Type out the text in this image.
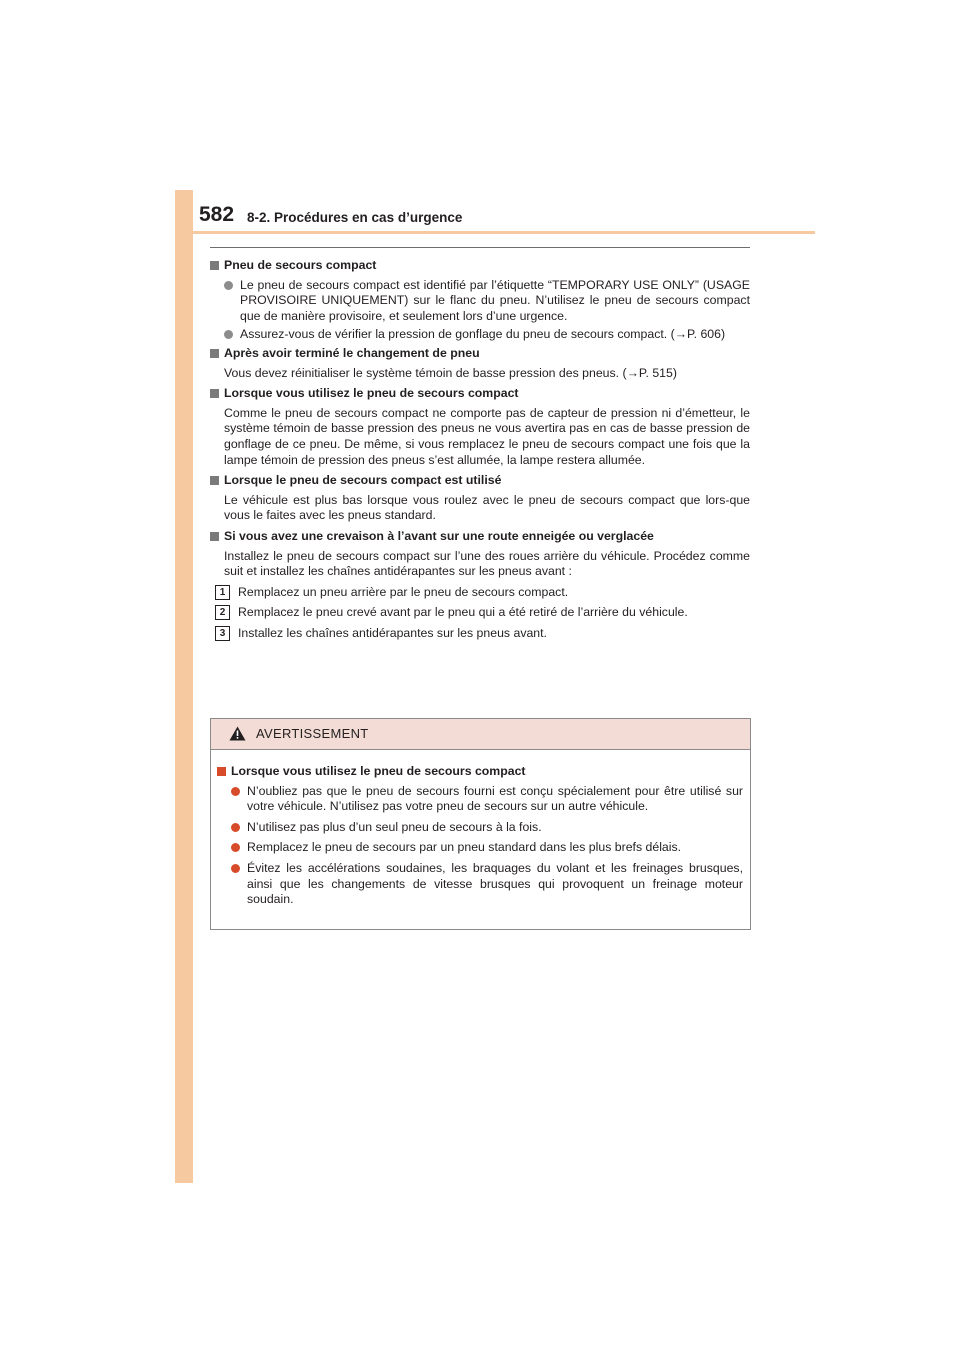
582 8-2. Procédures en cas d’urgence
Pneu de secours compact
Le pneu de secours compact est identifié par l’étiquette “TEMPORARY USE ONLY” (USAGE PROVISOIRE UNIQUEMENT) sur le flanc du pneu. N’utilisez le pneu de secours compact que de manière provisoire, et seulement lors d’une urgence.
Assurez-vous de vérifier la pression de gonflage du pneu de secours compact. (→P. 606)
Après avoir terminé le changement de pneu
Vous devez réinitialiser le système témoin de basse pression des pneus. (→P. 515)
Lorsque vous utilisez le pneu de secours compact
Comme le pneu de secours compact ne comporte pas de capteur de pression ni d’émetteur, le système témoin de basse pression des pneus ne vous avertira pas en cas de basse pression de gonflage de ce pneu. De même, si vous remplacez le pneu de secours compact une fois que la lampe témoin de pression des pneus s’est allumée, la lampe restera allumée.
Lorsque le pneu de secours compact est utilisé
Le véhicule est plus bas lorsque vous roulez avec le pneu de secours compact que lors-que vous le faites avec les pneus standard.
Si vous avez une crevaison à l’avant sur une route enneigée ou verglacée
Installez le pneu de secours compact sur l’une des roues arrière du véhicule. Procédez comme suit et installez les chaînes antidérapantes sur les pneus avant :
1	Remplacez un pneu arrière par le pneu de secours compact.
2	Remplacez le pneu crevé avant par le pneu qui a été retiré de l’arrière du véhicule.
3	Installez les chaînes antidérapantes sur les pneus avant.
AVERTISSEMENT
Lorsque vous utilisez le pneu de secours compact
N’oubliez pas que le pneu de secours fourni est conçu spécialement pour être utilisé sur votre véhicule. N’utilisez pas votre pneu de secours sur un autre véhicule.
N’utilisez pas plus d’un seul pneu de secours à la fois.
Remplacez le pneu de secours par un pneu standard dans les plus brefs délais.
Évitez les accélérations soudaines, les braquages du volant et les freinages brusques, ainsi que les changements de vitesse brusques qui provoquent un freinage moteur soudain.
